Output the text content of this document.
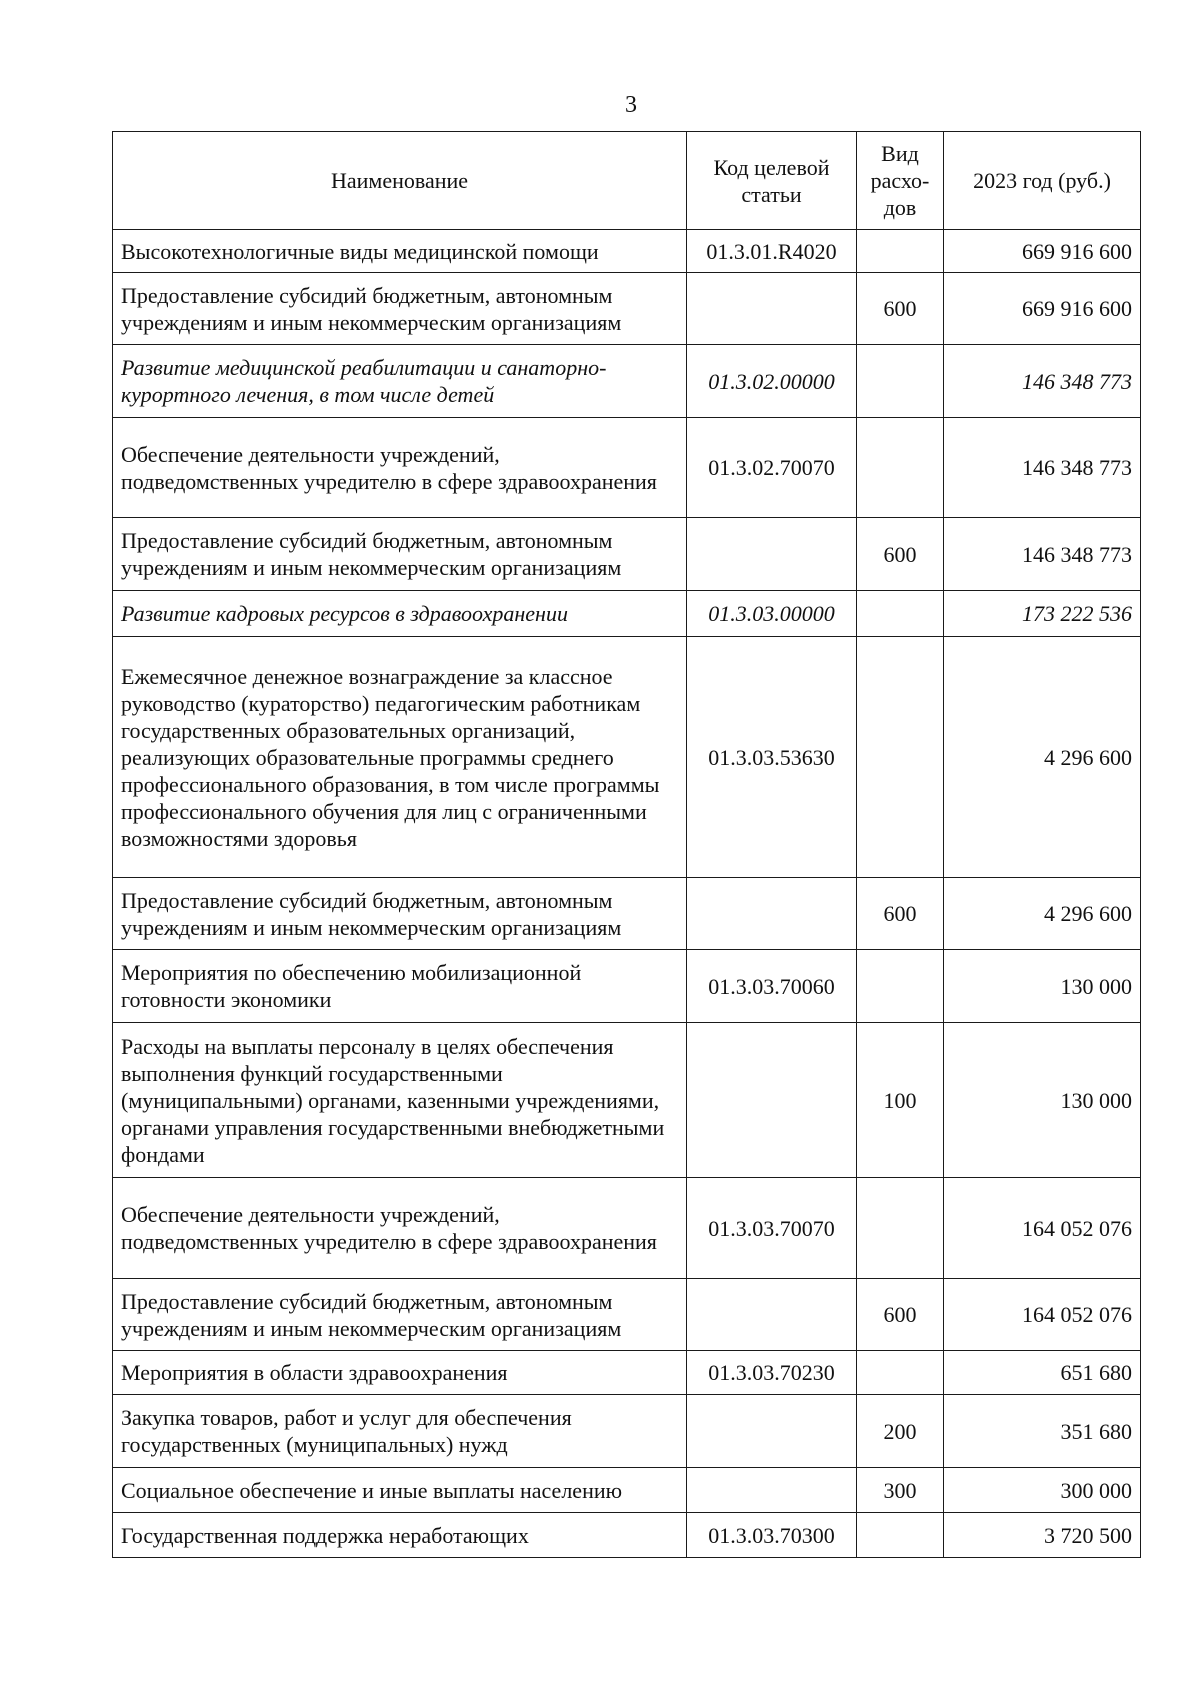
3
Наименование	Код целевой статьи	Вид расхо-дов	2023 год (руб.)
Высокотехнологичные виды медицинской помощи	01.3.01.R4020		669 916 600
Предоставление субсидий бюджетным, автономным учреждениям и иным некоммерческим организациям		600	669 916 600
Развитие медицинской реабилитации и санаторно-курортного лечения, в том числе детей	01.3.02.00000		146 348 773
Обеспечение деятельности учреждений, подведомственных учредителю в сфере здравоохранения	01.3.02.70070		146 348 773
Предоставление субсидий бюджетным, автономным учреждениям и иным некоммерческим организациям		600	146 348 773
Развитие кадровых ресурсов в здравоохранении	01.3.03.00000		173 222 536
Ежемесячное денежное вознаграждение за классное руководство (кураторство) педагогическим работникам государственных образовательных организаций, реализующих образовательные программы среднего профессионального образования, в том числе программы профессионального обучения для лиц с ограниченными возможностями здоровья	01.3.03.53630		4 296 600
Предоставление субсидий бюджетным, автономным учреждениям и иным некоммерческим организациям		600	4 296 600
Мероприятия по обеспечению мобилизационной готовности экономики	01.3.03.70060		130 000
Расходы на выплаты персоналу в целях обеспечения выполнения функций государственными (муниципальными) органами, казенными учреждениями, органами управления государственными внебюджетными фондами		100	130 000
Обеспечение деятельности учреждений, подведомственных учредителю в сфере здравоохранения	01.3.03.70070		164 052 076
Предоставление субсидий бюджетным, автономным учреждениям и иным некоммерческим организациям		600	164 052 076
Мероприятия в области здравоохранения	01.3.03.70230		651 680
Закупка товаров, работ и услуг для обеспечения государственных (муниципальных) нужд		200	351 680
Социальное обеспечение и иные выплаты населению		300	300 000
Государственная поддержка неработающих	01.3.03.70300		3 720 500
